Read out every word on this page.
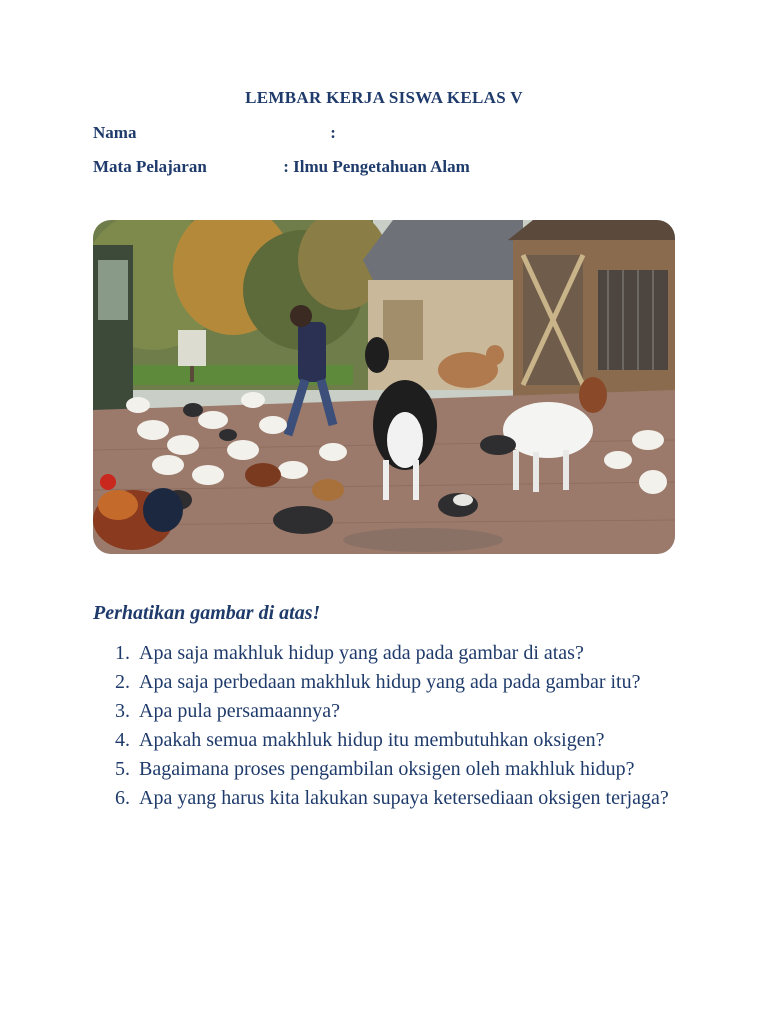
LEMBAR KERJA SISWA KELAS V
Nama	:
Mata Pelajaran	: Ilmu Pengetahuan Alam
Perhatikan gambar di atas!
1. Apa saja makhluk hidup yang ada pada gambar di atas?
2. Apa saja perbedaan makhluk hidup yang ada pada gambar itu?
3. Apa pula persamaannya?
4. Apakah semua makhluk hidup itu membutuhkan oksigen?
5. Bagaimana proses pengambilan oksigen oleh makhluk hidup?
6. Apa yang harus kita lakukan supaya ketersediaan oksigen terjaga?
